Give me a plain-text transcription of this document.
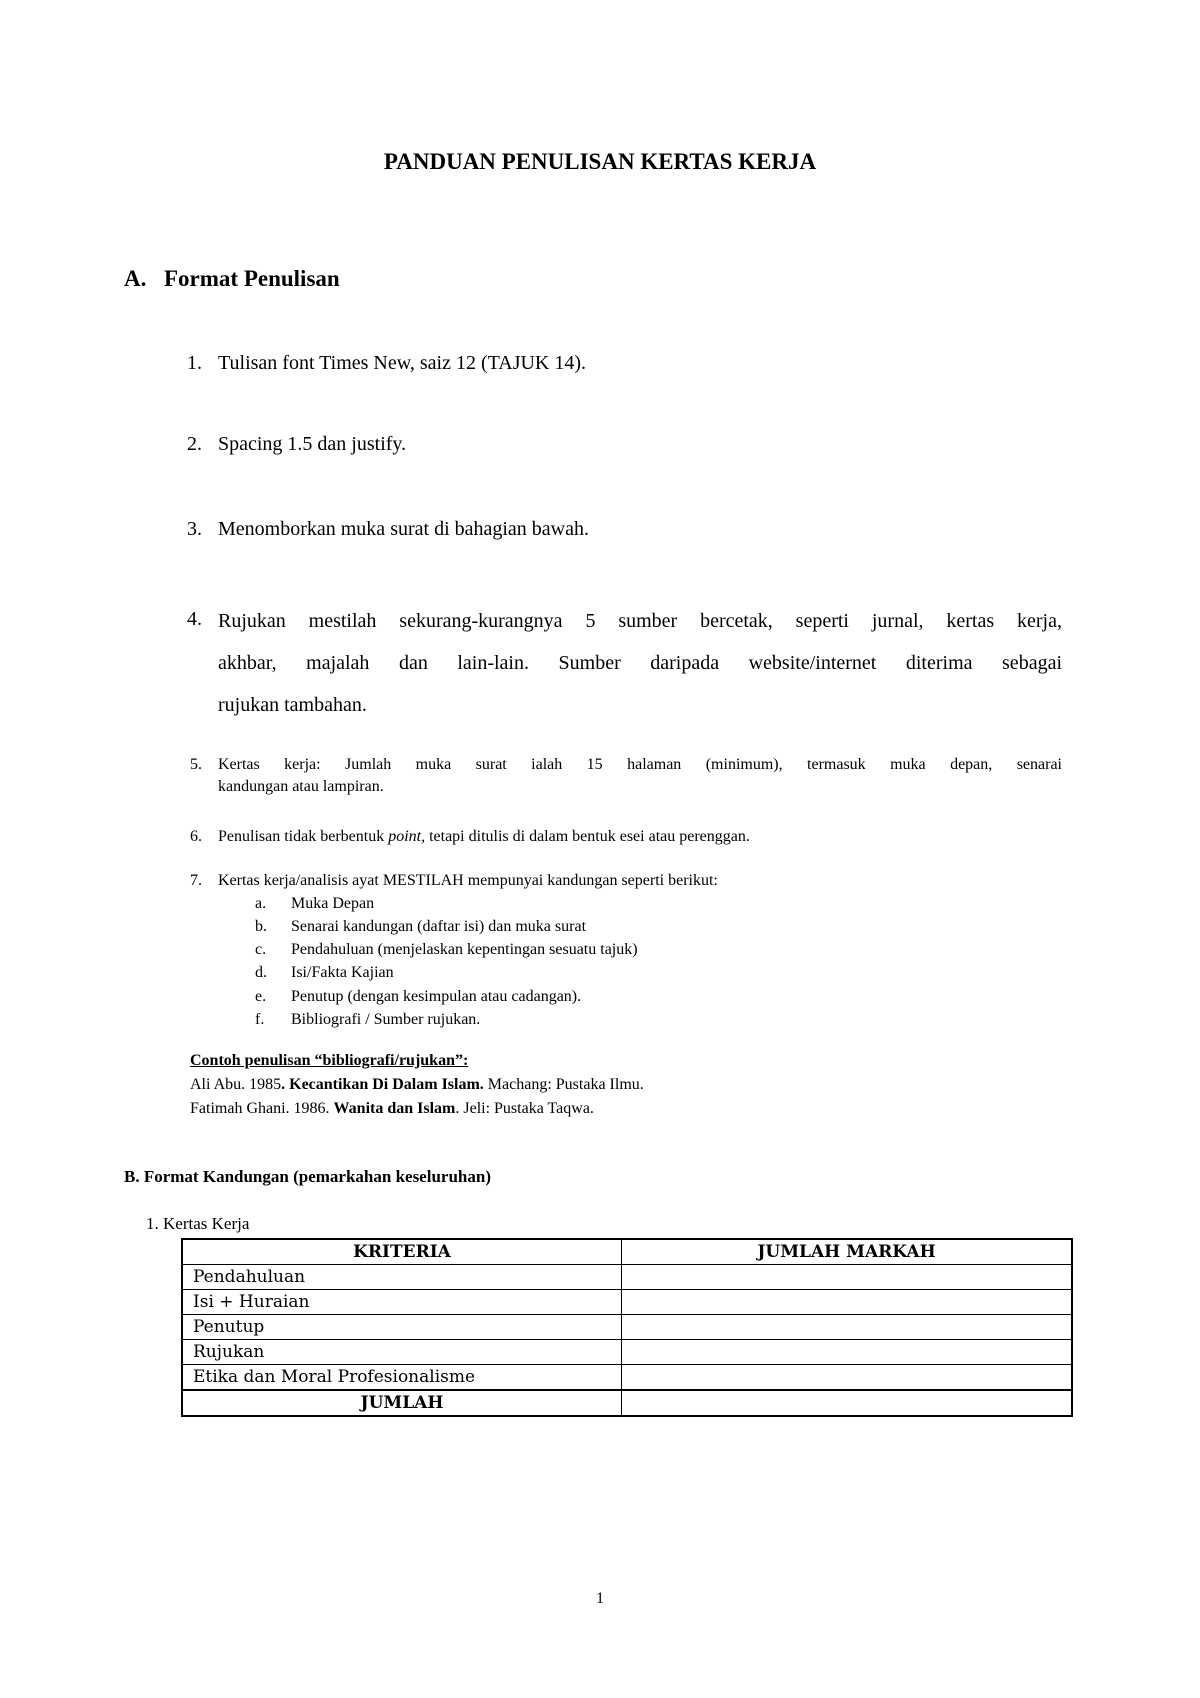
PANDUAN PENULISAN KERTAS KERJA
A. Format Penulisan
1. Tulisan font Times New, saiz 12 (TAJUK 14).
2. Spacing 1.5 dan justify.
3. Menomborkan muka surat di bahagian bawah.
4. Rujukan mestilah sekurang-kurangnya 5 sumber bercetak, seperti jurnal, kertas kerja,

akhbar, majalah dan lain-lain. Sumber daripada website/internet diterima sebagai

rujukan tambahan.

5. Kertas kerja: Jumlah muka surat ialah 15 halaman (minimum), termasuk muka depan, senarai

kandungan atau lampiran.

6. Penulisan tidak berbentuk point, tetapi ditulis di dalam bentuk esei atau perenggan.
7. Kertas kerja/analisis ayat MESTILAH mempunyai kandungan seperti berikut:
a.	Muka Depan
b.	Senarai kandungan (daftar isi) dan muka surat
c.	Pendahuluan (menjelaskan kepentingan sesuatu tajuk)
d.	Isi/Fakta Kajian
e.	Penutup (dengan kesimpulan atau cadangan).
f.	Bibliografi / Sumber rujukan.
Contoh penulisan “bibliografi/rujukan”:
Ali Abu. 1985. Kecantikan Di Dalam Islam. Machang: Pustaka Ilmu.
Fatimah Ghani. 1986. Wanita dan Islam. Jeli: Pustaka Taqwa.
B. Format Kandungan (pemarkahan keseluruhan)
1. Kertas Kerja
KRITERIA	JUMLAH MARKAH
Pendahuluan	
Isi + Huraian	
Penutup	
Rujukan	
Etika dan Moral Profesionalisme	
JUMLAH	
1
